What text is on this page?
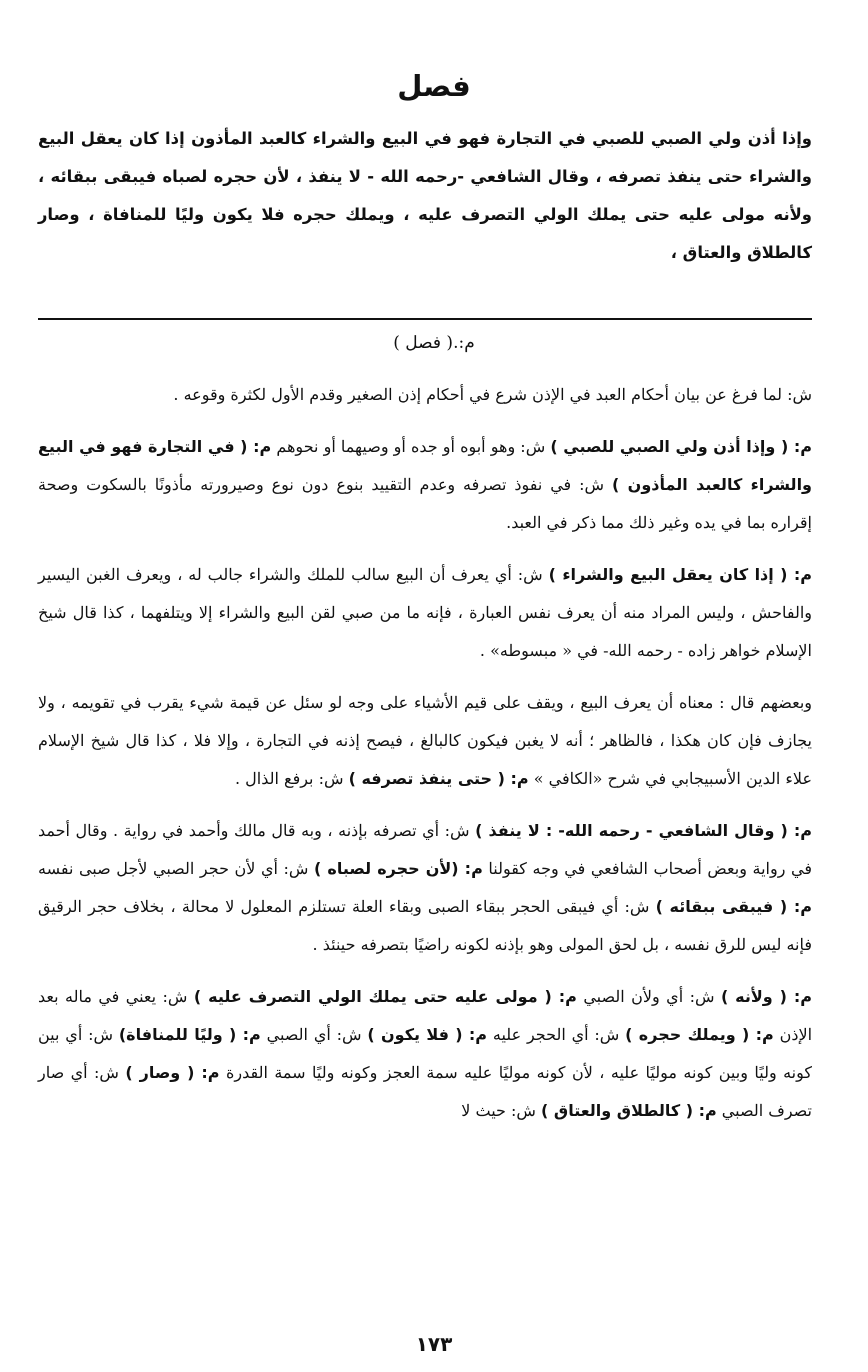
فصل
وإذا أذن ولي الصبي للصبي في التجارة فهو في البيع والشراء كالعبد المأذون إذا كان يعقل البيع والشراء حتى ينفذ تصرفه ، وقال الشافعي -رحمه الله - لا ينفذ ، لأن حجره لصباه فيبقى ببقائه ، ولأنه مولى عليه حتى يملك الولي التصرف عليه ، ويملك حجره فلا يكون وليًا للمنافاة ، وصار كالطلاق والعتاق ،
م:.( فصل )

ش: لما فرغ عن بيان أحكام العبد في الإذن شرع في أحكام إذن الصغير وقدم الأول لكثرة وقوعه .

م: ( وإذا أذن ولي الصبي للصبي ) ش: وهو أبوه أو جده أو وصيهما أو نحوهم م: ( في التجارة فهو في البيع والشراء كالعبد المأذون ) ش: في نفوذ تصرفه وعدم التقييد بنوع دون نوع وصيرورته مأذونًا بالسكوت وصحة إقراره بما في يده وغير ذلك مما ذكر في العبد.

م: ( إذا كان يعقل البيع والشراء ) ش: أي يعرف أن البيع سالب للملك والشراء جالب له ، ويعرف الغبن اليسير والفاحش ، وليس المراد منه أن يعرف نفس العبارة ، فإنه ما من صبي لقن البيع والشراء إلا ويتلفهما ، كذا قال شيخ الإسلام خواهر زاده - رحمه الله- في « مبسوطه» .

وبعضهم قال : معناه أن يعرف البيع ، ويقف على قيم الأشياء على وجه لو سئل عن قيمة شيء يقرب في تقويمه ، ولا يجازف فإن كان هكذا ، فالظاهر ؛ أنه لا يغبن فيكون كالبالغ ، فيصح إذنه في التجارة ، وإلا فلا ، كذا قال شيخ الإسلام علاء الدين الأسبيجابي في شرح «الكافي » م: ( حتى ينفذ تصرفه ) ش: برفع الذال .

م: ( وقال الشافعي - رحمه الله- : لا ينفذ ) ش: أي تصرفه بإذنه ، وبه قال مالك وأحمد في رواية . وقال أحمد في رواية وبعض أصحاب الشافعي في وجه كقولنا م: (لأن حجره لصباه ) ش: أي لأن حجر الصبي لأجل صبى نفسه م: ( فيبقى ببقائه ) ش: أي فيبقى الحجر ببقاء الصبى وبقاء العلة تستلزم المعلول لا محالة ، بخلاف حجر الرقيق فإنه ليس للرق نفسه ، بل لحق المولى وهو بإذنه لكونه راضيًا بتصرفه حينئذ .

م: ( ولأنه ) ش: أي ولأن الصبي م: ( مولى عليه حتى يملك الولي التصرف عليه ) ش: يعني في ماله بعد الإذن م: ( ويملك حجره ) ش: أي الحجر عليه م: ( فلا يكون ) ش: أي الصبي م: ( وليًا للمنافاة) ش: أي بين كونه وليًا وبين كونه موليًا عليه ، لأن كونه موليًا عليه سمة العجز وكونه وليًا سمة القدرة م: ( وصار ) ش: أي صار تصرف الصبي م: ( كالطلاق والعتاق ) ش: حيث لا

١٧٣
